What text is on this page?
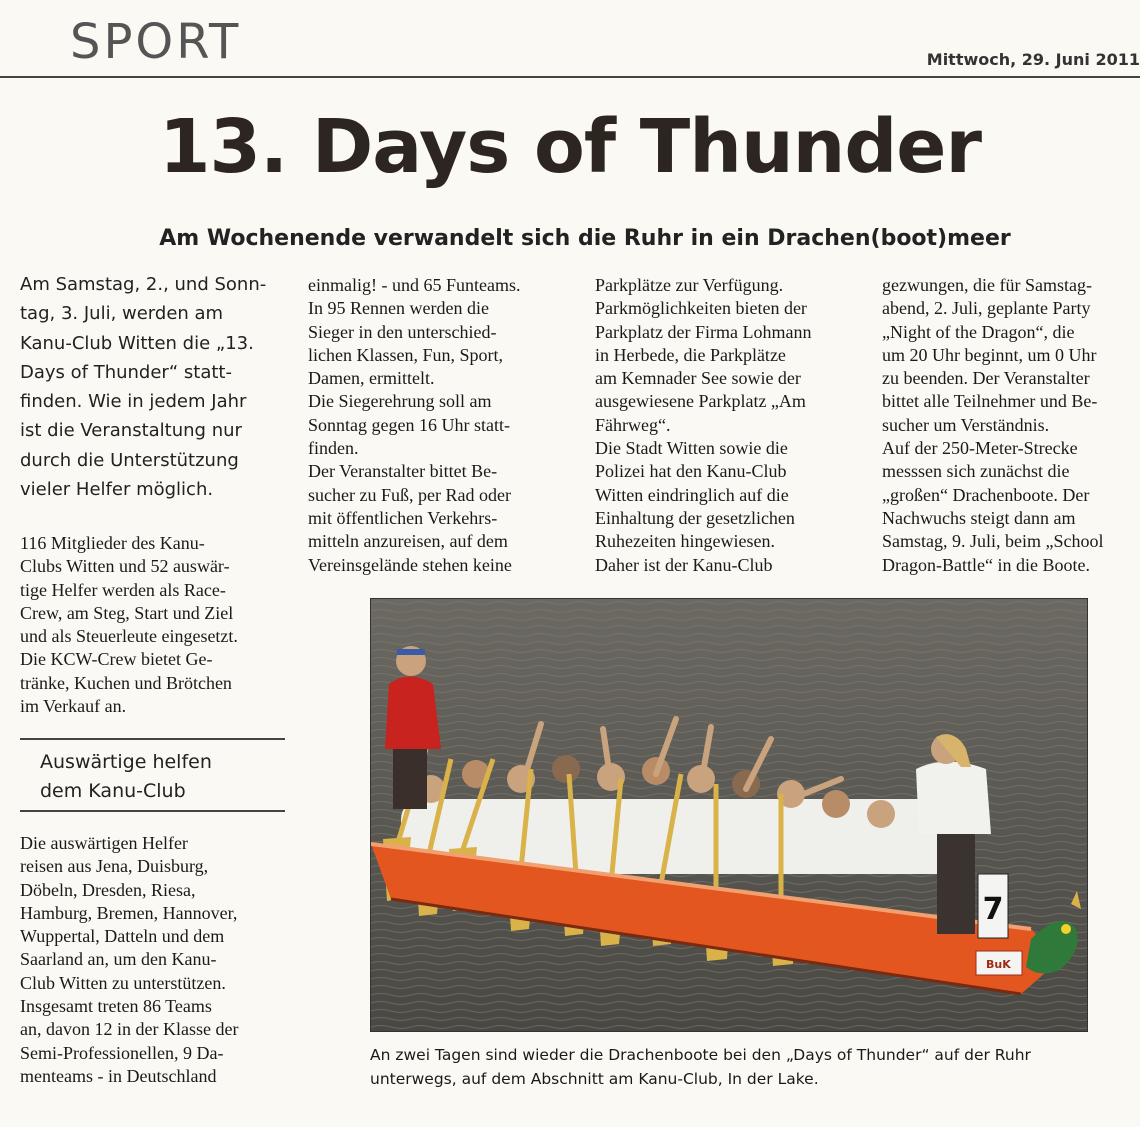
SPORT	Mittwoch, 29. Juni 2011
13. Days of Thunder
Am Wochenende verwandelt sich die Ruhr in ein Drachen(boot)meer

Am Samstag, 2., und Sonn-
tag, 3. Juli, werden am
Kanu-Club Witten die „13.
Days of Thunder“ statt-
finden. Wie in jedem Jahr
ist die Veranstaltung nur
durch die Unterstützung
vieler Helfer möglich.

116 Mitglieder des Kanu-
Clubs Witten und 52 auswär-
tige Helfer werden als Race-
Crew, am Steg, Start und Ziel
und als Steuerleute eingesetzt.
Die KCW-Crew bietet Ge-
tränke, Kuchen und Brötchen
im Verkauf an.

Auswärtige helfen
dem Kanu-Club

Die auswärtigen Helfer
reisen aus Jena, Duisburg,
Döbeln, Dresden, Riesa,
Hamburg, Bremen, Hannover,
Wuppertal, Datteln und dem
Saarland an, um den Kanu-
Club Witten zu unterstützen.
Insgesamt treten 86 Teams
an, davon 12 in der Klasse der
Semi-Professionellen, 9 Da-
menteams - in Deutschland

einmalig! - und 65 Funteams.
In 95 Rennen werden die
Sieger in den unterschied-
lichen Klassen, Fun, Sport,
Damen, ermittelt.
Die Siegerehrung soll am
Sonntag gegen 16 Uhr statt-
finden.
Der Veranstalter bittet Be-
sucher zu Fuß, per Rad oder
mit öffentlichen Verkehrs-
mitteln anzureisen, auf dem
Vereinsgelände stehen keine

Parkplätze zur Verfügung.
Parkmöglichkeiten bieten der
Parkplatz der Firma Lohmann
in Herbede, die Parkplätze
am Kemnader See sowie der
ausgewiesene Parkplatz „Am
Fährweg“.
Die Stadt Witten sowie die
Polizei hat den Kanu-Club
Witten eindringlich auf die
Einhaltung der gesetzlichen
Ruhezeiten hingewiesen.
Daher ist der Kanu-Club

gezwungen, die für Samstag-
abend, 2. Juli, geplante Party
„Night of the Dragon“, die
um 20 Uhr beginnt, um 0 Uhr
zu beenden. Der Veranstalter
bittet alle Teilnehmer und Be-
sucher um Verständnis.
Auf der 250-Meter-Strecke
messsen sich zunächst die
„großen“ Drachenboote. Der
Nachwuchs steigt dann am
Samstag, 9. Juli, beim „School
Dragon-Battle“ in die Boote.

7
BuK

An zwei Tagen sind wieder die Drachenboote bei den „Days of Thunder“ auf der Ruhr
unterwegs, auf dem Abschnitt am Kanu-Club, In der Lake.
